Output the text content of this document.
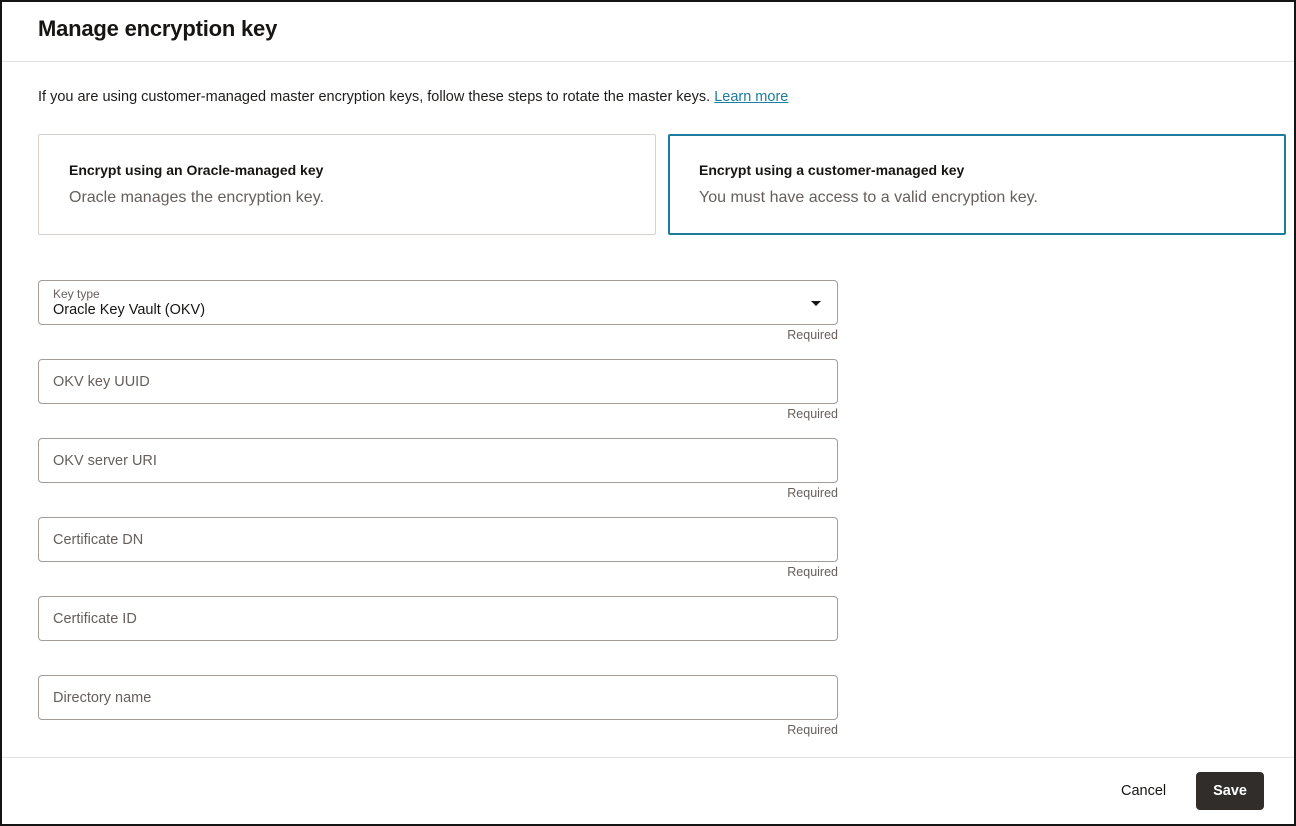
Manage encryption key

If you are using customer-managed master encryption keys, follow these steps to rotate the master keys. Learn more

Encrypt using an Oracle-managed key
Oracle manages the encryption key.
Encrypt using a customer-managed key
You must have access to a valid encryption key.
Key type
Oracle Key Vault (OKV)
Required
OKV key UUID
Required
OKV server URI
Required
Certificate DN
Required
Certificate ID
Directory name
Required
Cancel	Save
